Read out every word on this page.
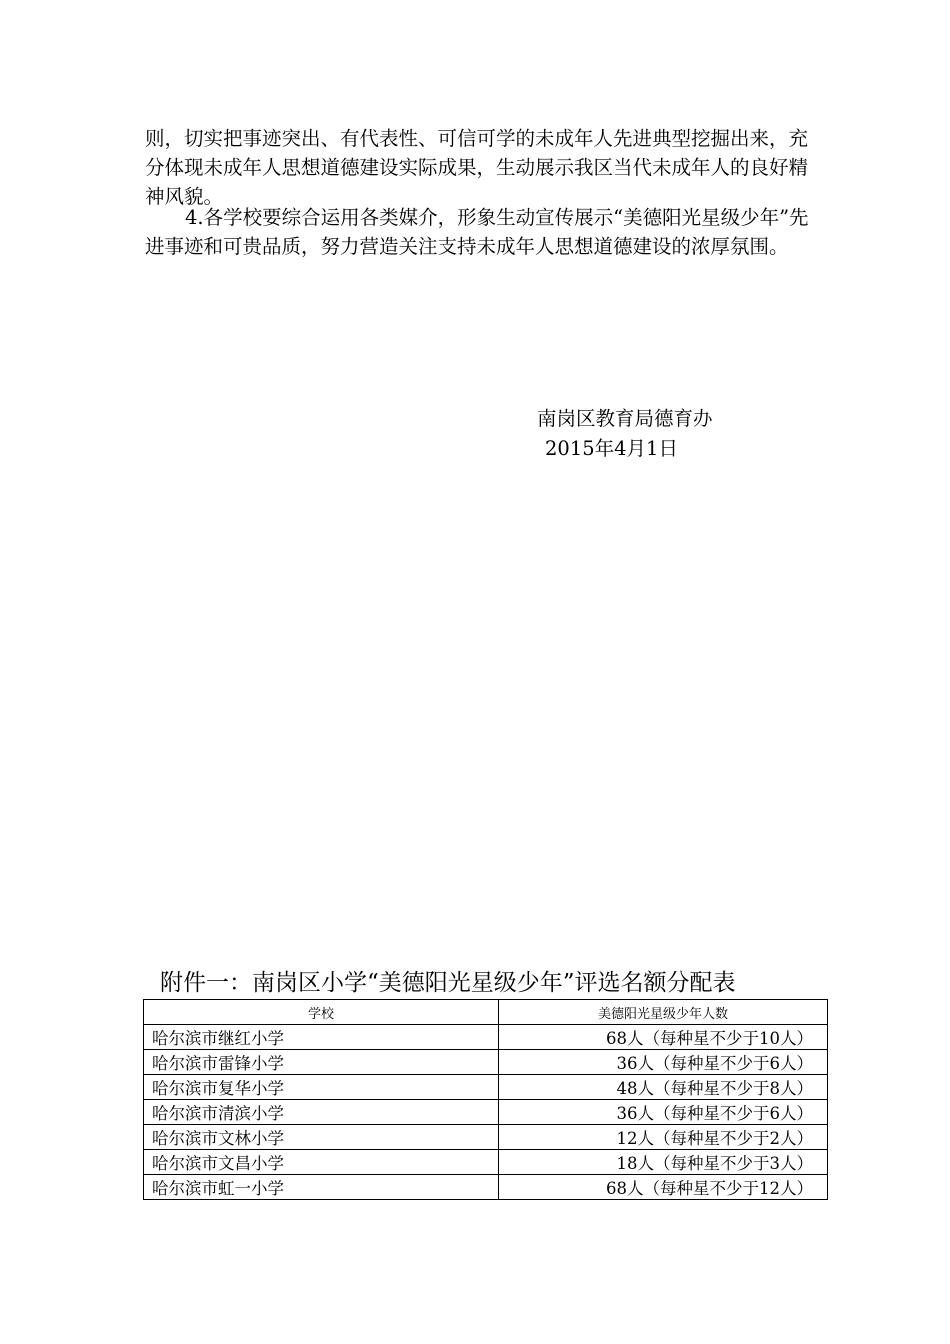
则，切实把事迹突出、有代表性、可信可学的未成年人先进典型挖掘出来，充分体现未成年人思想道德建设实际成果，生动展示我区当代未成年人的良好精神风貌。

4.各学校要综合运用各类媒介，形象生动宣传展示“美德阳光星级少年”先进事迹和可贵品质，努力营造关注支持未成年人思想道德建设的浓厚氛围。

南岗区教育局德育办

2015年4月1日

附件一：南岗区小学“美德阳光星级少年”评选名额分配表

学校	美德阳光星级少年人数
哈尔滨市继红小学	68人（每种星不少于10人）
哈尔滨市雷锋小学	36人（每种星不少于6人）
哈尔滨市复华小学	48人（每种星不少于8人）
哈尔滨市清滨小学	36人（每种星不少于6人）
哈尔滨市文林小学	12人（每种星不少于2人）
哈尔滨市文昌小学	18人（每种星不少于3人）
哈尔滨市虹一小学	68人（每种星不少于12人）
